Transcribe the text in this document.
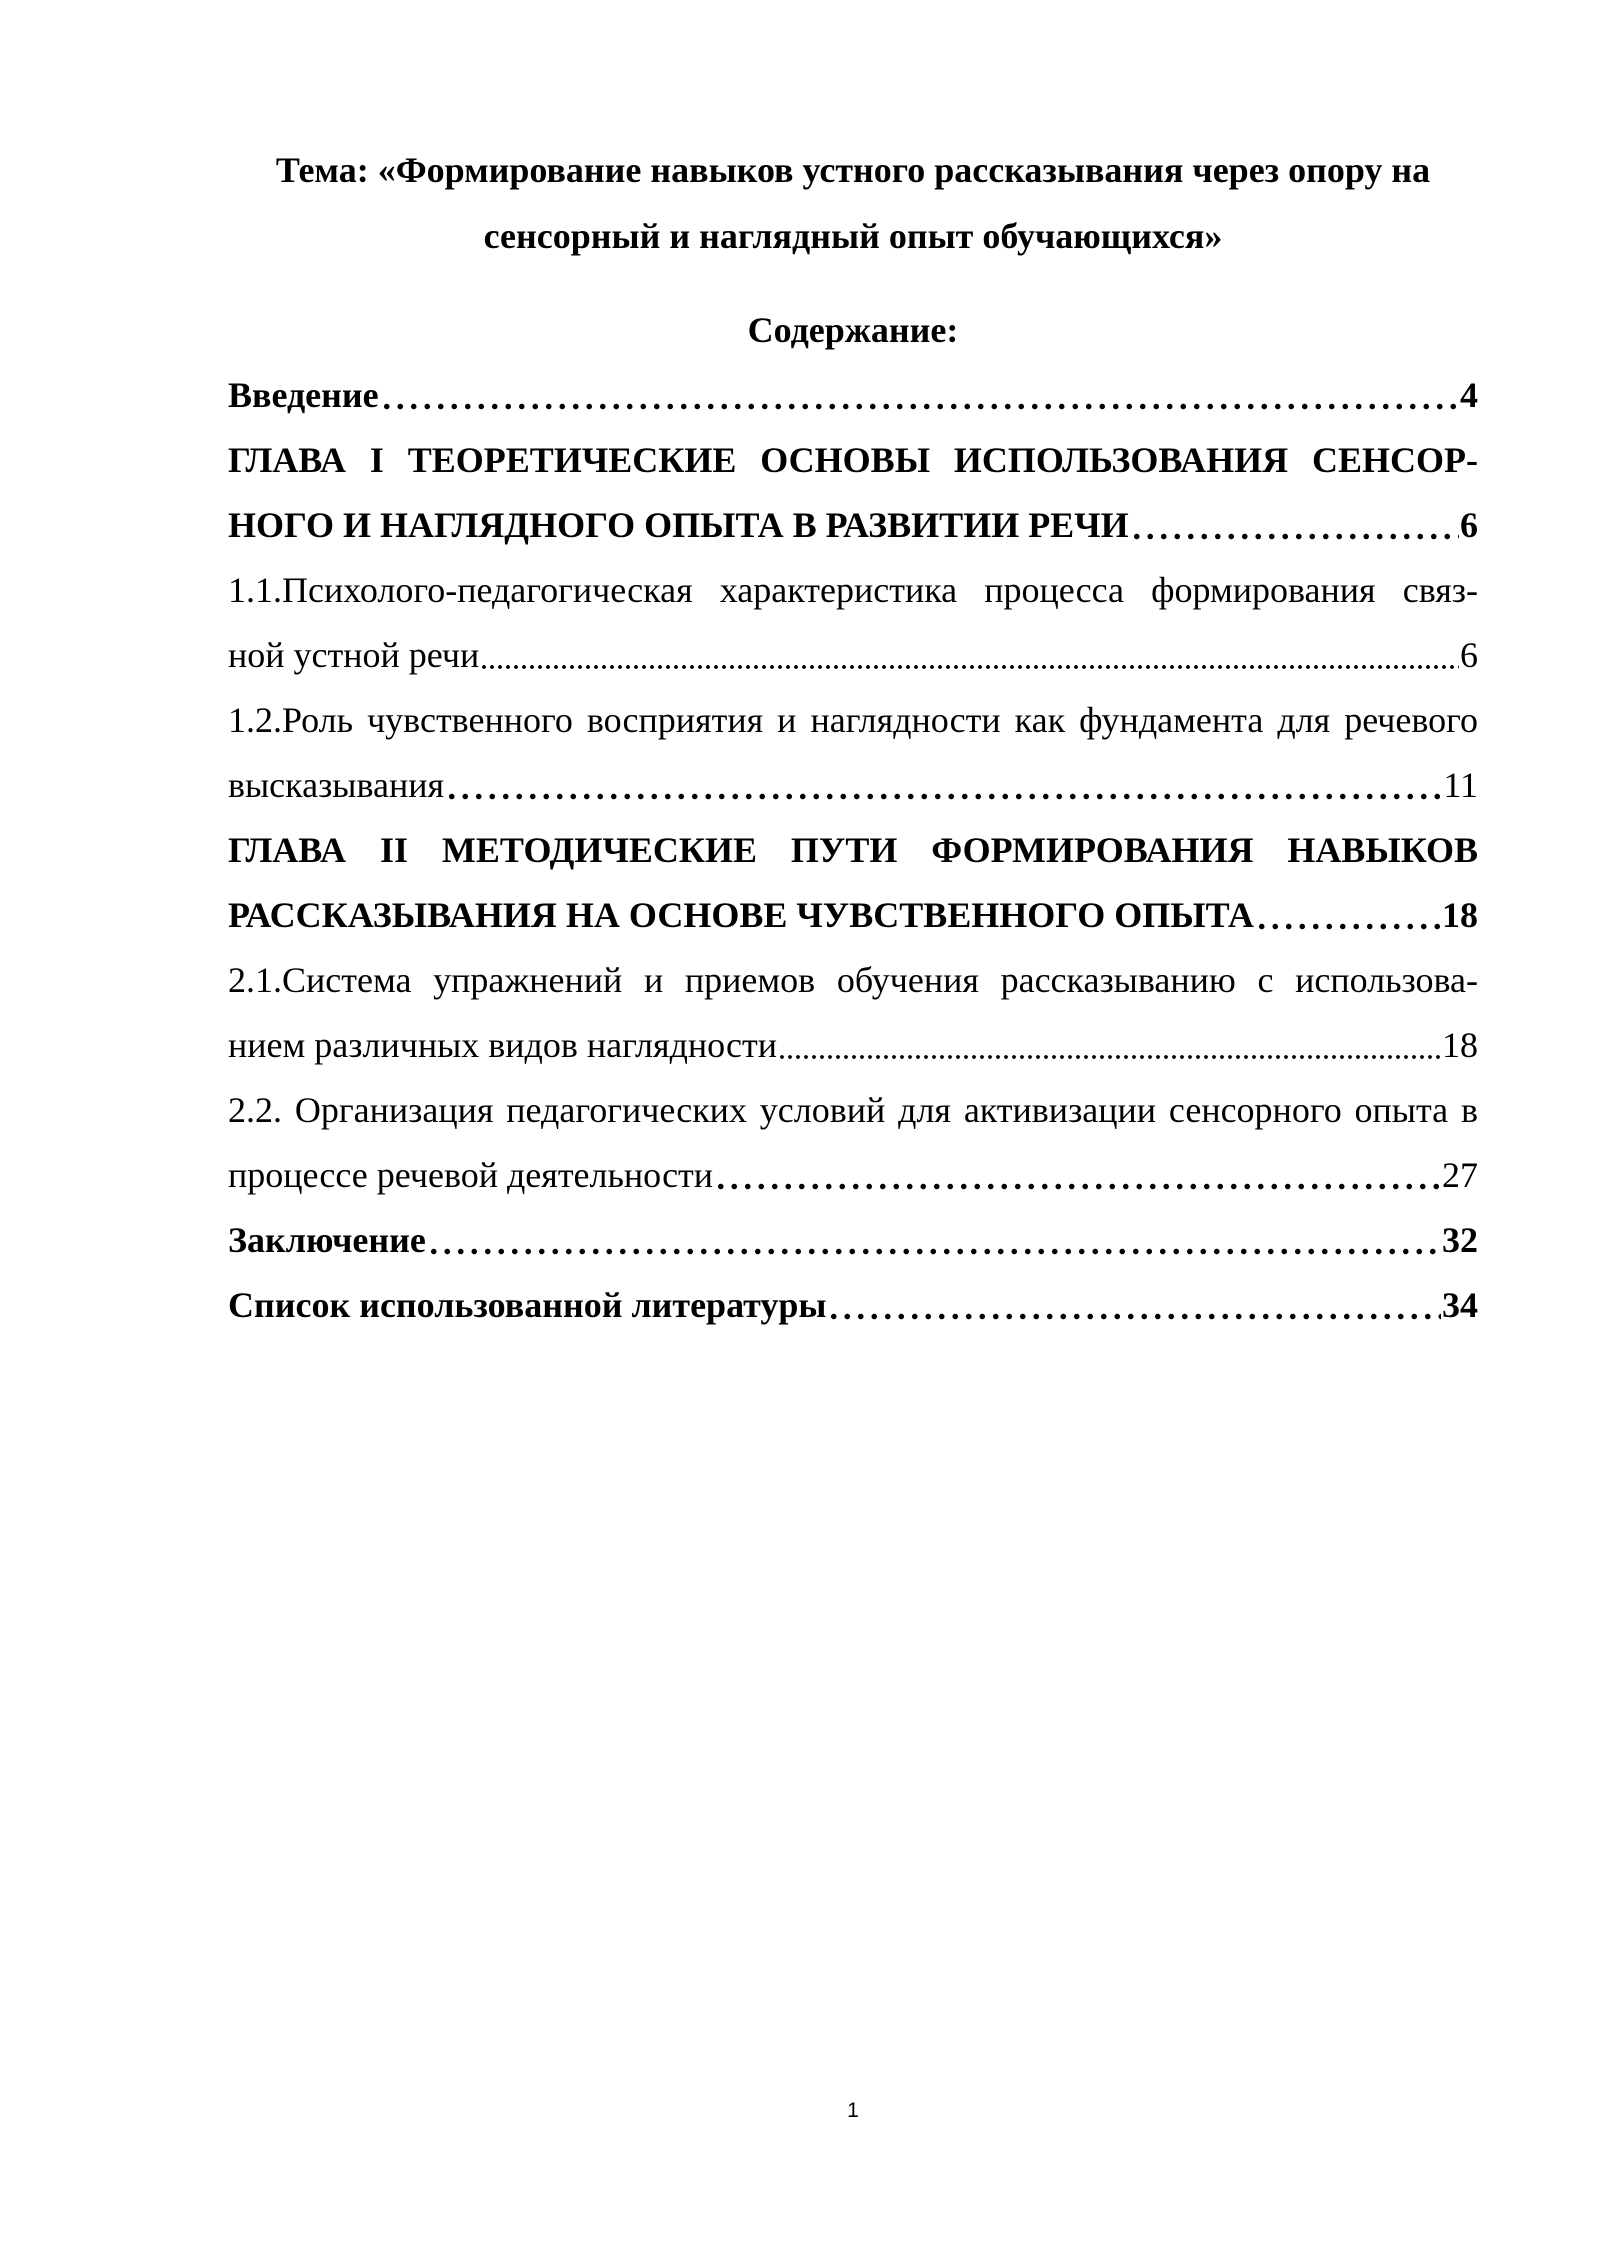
Тема: «Формирование навыков устного рассказывания через опору на
сенсорный и наглядный опыт обучающихся»
Содержание:
Введение	4
ГЛАВА I ТЕОРЕТИЧЕСКИЕ ОСНОВЫ ИСПОЛЬЗОВАНИЯ СЕНСОР-
НОГО И НАГЛЯДНОГО ОПЫТА В РАЗВИТИИ РЕЧИ	6
1.1.Психолого-педагогическая характеристика процесса формирования связ-
ной устной речи	6
1.2.Роль чувственного восприятия и наглядности как фундамента для речевого
высказывания	11
ГЛАВА II МЕТОДИЧЕСКИЕ ПУТИ ФОРМИРОВАНИЯ НАВЫКОВ
РАССКАЗЫВАНИЯ НА ОСНОВЕ ЧУВСТВЕННОГО ОПЫТА	18
2.1.Система упражнений и приемов обучения рассказыванию с использова-
нием различных видов наглядности	18
2.2. Организация педагогических условий для активизации сенсорного опыта в
процессе речевой деятельности	27
Заключение	32
Список использованной литературы	34
1
